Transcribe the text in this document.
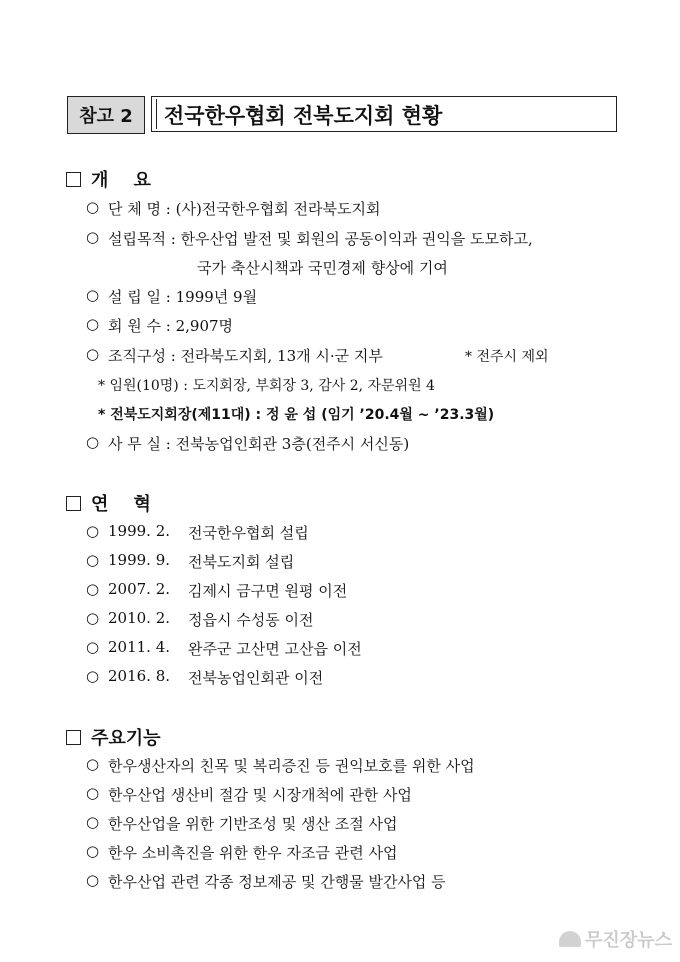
참고 2	전국한우협회 전북도지회 현황
개    요
○ 단 체 명 : (사)전국한우협회 전라북도지회
○ 설립목적 : 한우산업 발전 및 회원의 공동이익과 권익을 도모하고,
국가 축산시책과 국민경제 향상에 기여
○ 설 립 일 : 1999년 9월
○ 회 원 수 : 2,907명
○ 조직구성 : 전라북도지회, 13개 시·군 지부	* 전주시 제외
* 임원(10명) : 도지회장, 부회장 3, 감사 2, 자문위원 4
* 전북도지회장(제11대) : 정 윤 섭 (임기 ’20.4월 ~ ’23.3월)
○ 사 무 실 : 전북농업인회관 3층(전주시 서신동)
연    혁
○ 1999. 2. 전국한우협회 설립
○ 1999. 9. 전북도지회 설립
○ 2007. 2. 김제시 금구면 원평 이전
○ 2010. 2. 정읍시 수성동 이전
○ 2011. 4. 완주군 고산면 고산읍 이전
○ 2016. 8. 전북농업인회관 이전
주요기능
○ 한우생산자의 친목 및 복리증진 등 권익보호를 위한 사업
○ 한우산업 생산비 절감 및 시장개척에 관한 사업
○ 한우산업을 위한 기반조성 및 생산 조절 사업
○ 한우 소비촉진을 위한 한우 자조금 관련 사업
○ 한우산업 관련 각종 정보제공 및 간행물 발간사업 등
무진장뉴스
